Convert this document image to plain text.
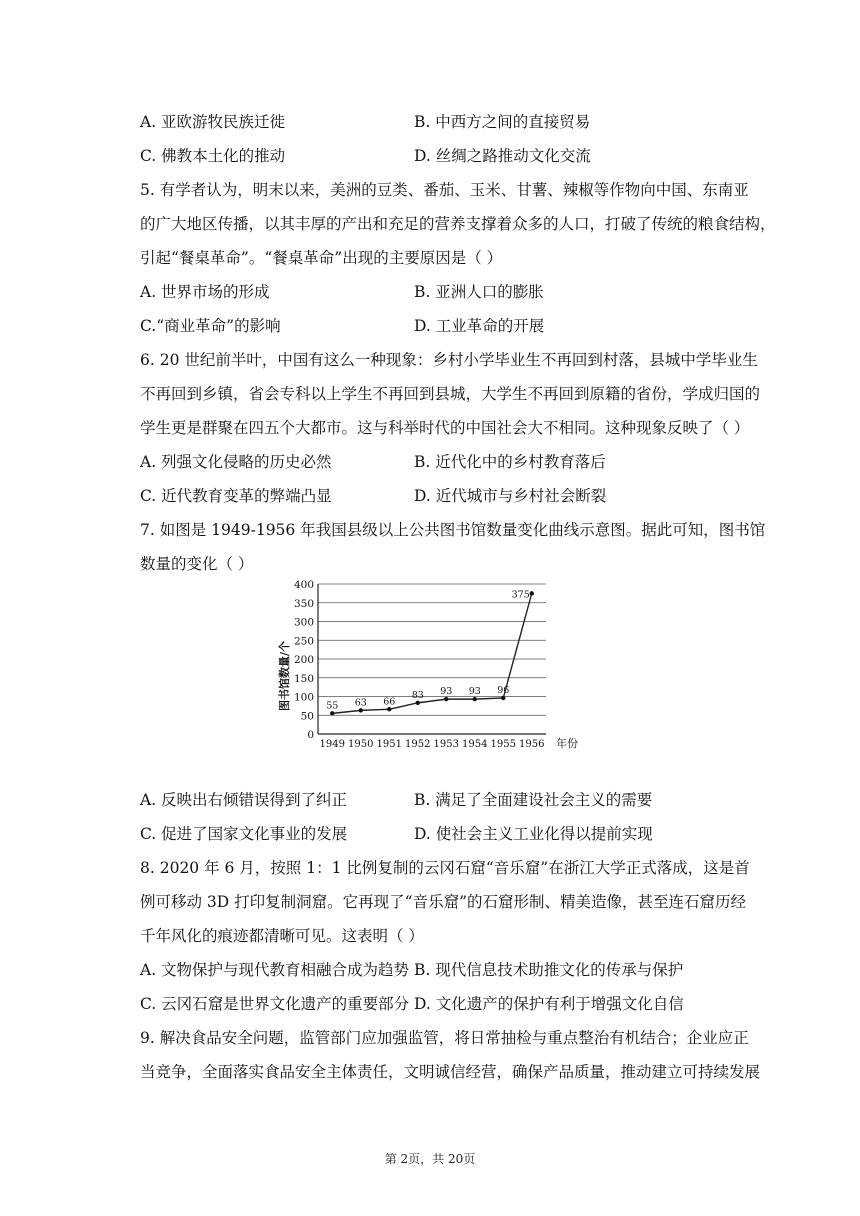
A. 亚欧游牧民族迁徙	B. 中西方之间的直接贸易
C. 佛教本土化的推动	D. 丝绸之路推动文化交流
5. 有学者认为，明末以来，美洲的豆类、番茄、玉米、甘薯、辣椒等作物向中国、东南亚
的广大地区传播，以其丰厚的产出和充足的营养支撑着众多的人口，打破了传统的粮食结构，
引起“餐桌革命”。“餐桌革命”出现的主要原因是（ ）
A. 世界市场的形成	B. 亚洲人口的膨胀
C.“商业革命”的影响	D. 工业革命的开展
6. 20 世纪前半叶，中国有这么一种现象：乡村小学毕业生不再回到村落，县城中学毕业生
不再回到乡镇，省会专科以上学生不再回到县城，大学生不再回到原籍的省份，学成归国的
学生更是群聚在四五个大都市。这与科举时代的中国社会大不相同。这种现象反映了（ ）
A. 列强文化侵略的历史必然	B. 近代化中的乡村教育落后
C. 近代教育变革的弊端凸显	D. 近代城市与乡村社会断裂
7. 如图是 1949-1956 年我国县级以上公共图书馆数量变化曲线示意图。据此可知，图书馆
数量的变化（ ）
0
50
100
150
200
250
300
350
400
1949 1950 1951 1952 1953 1954 1955 1956
55 63 66
83 93 93 96
375
图书馆数量/个
年份
A. 反映出右倾错误得到了纠正	B. 满足了全面建设社会主义的需要
C. 促进了国家文化事业的发展	D. 使社会主义工业化得以提前实现
8. 2020 年 6 月，按照 1：1 比例复制的云冈石窟“音乐窟”在浙江大学正式落成，这是首
例可移动 3D 打印复制洞窟。它再现了“音乐窟”的石窟形制、精美造像，甚至连石窟历经
千年风化的痕迹都清晰可见。这表明（ ）
A. 文物保护与现代教育相融合成为趋势 B. 现代信息技术助推文化的传承与保护
C. 云冈石窟是世界文化遗产的重要部分 D. 文化遗产的保护有利于增强文化自信
9. 解决食品安全问题，监管部门应加强监管，将日常抽检与重点整治有机结合；企业应正
当竞争，全面落实食品安全主体责任，文明诚信经营，确保产品质量，推动建立可持续发展
第 2页，共 20页
